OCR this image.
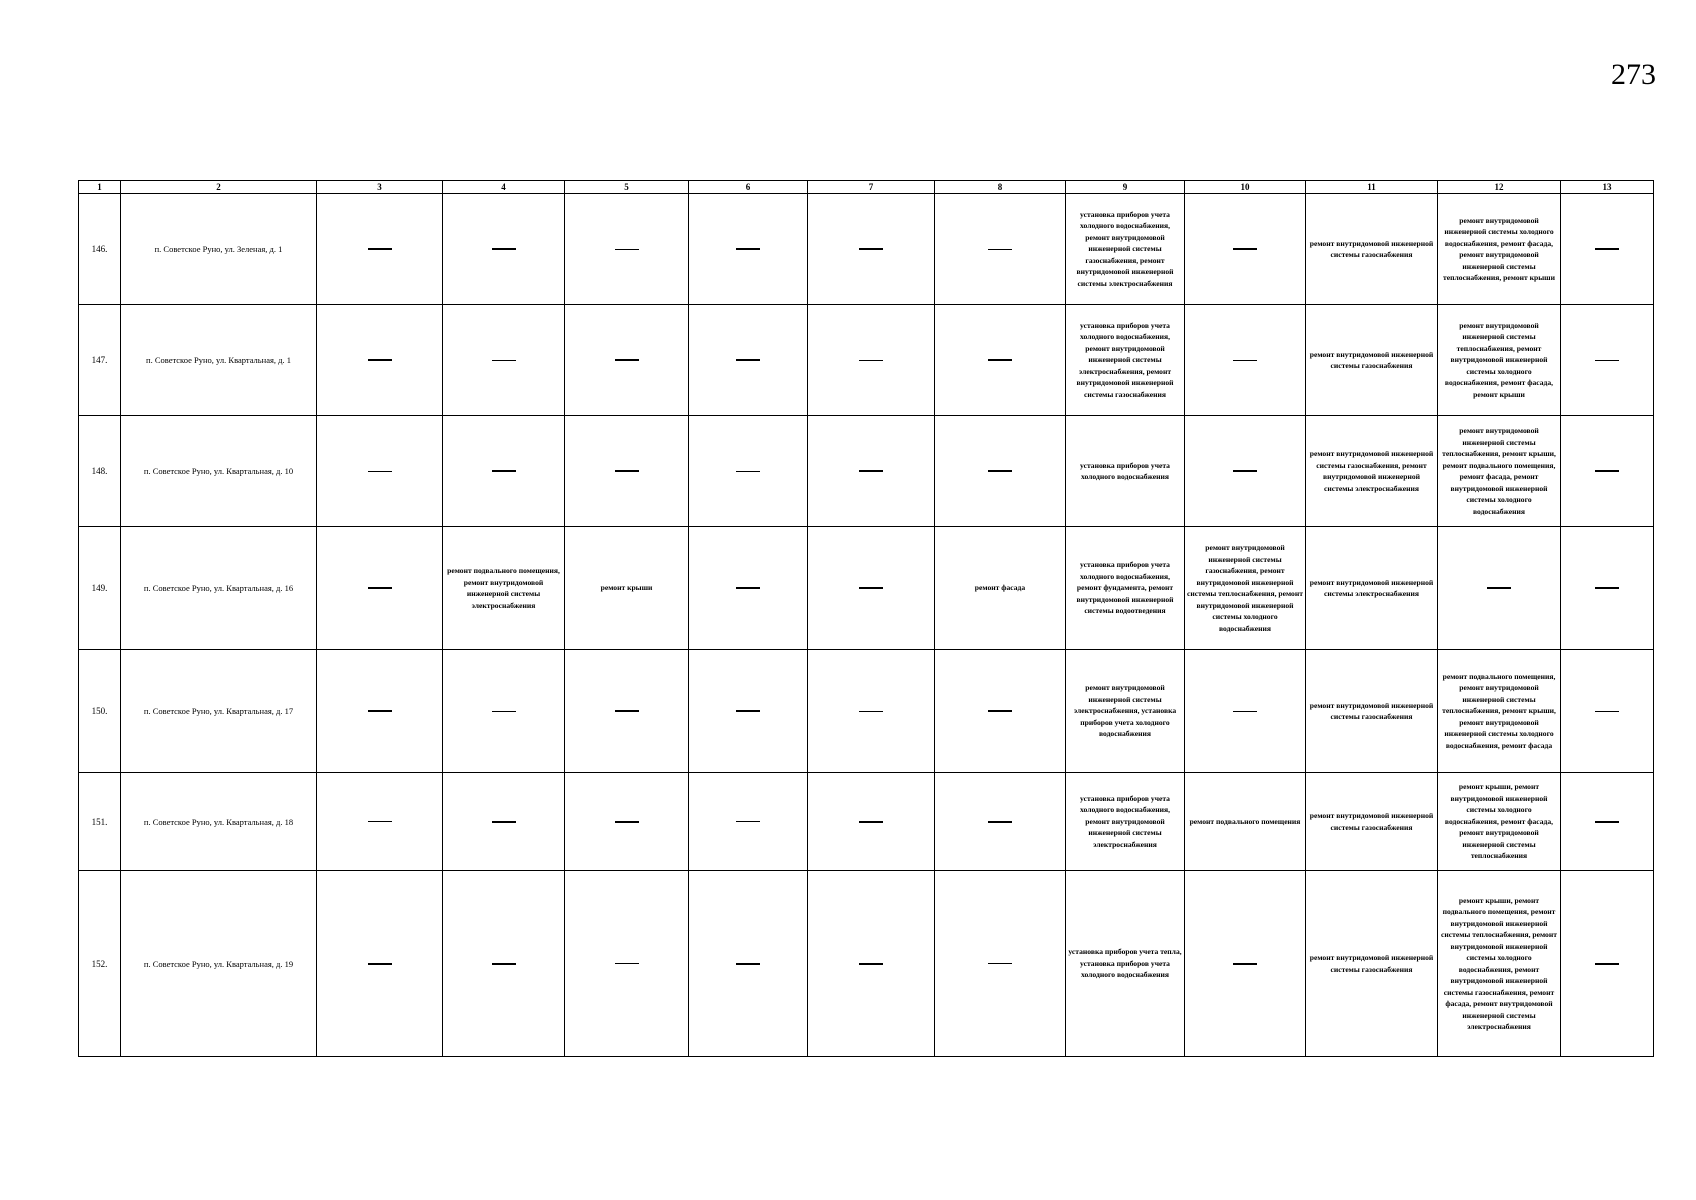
273
1	2	3	4	5	6	7	8	9	10	11	12	13
146.	п. Советское Руно, ул. Зеленая, д. 1							установка приборов учета холодного водоснабжения, ремонт внутридомовой инженерной системы газоснабжения, ремонт внутридомовой инженерной системы электроснабжения		ремонт внутридомовой инженерной системы газоснабжения	ремонт внутридомовой инженерной системы холодного водоснабжения, ремонт фасада, ремонт внутридомовой инженерной системы теплоснабжения, ремонт крыши	
147.	п. Советское Руно, ул. Квартальная, д. 1							установка приборов учета холодного водоснабжения, ремонт внутридомовой инженерной системы электроснабжения, ремонт внутридомовой инженерной системы газоснабжения		ремонт внутридомовой инженерной системы газоснабжения	ремонт внутридомовой инженерной системы теплоснабжения, ремонт внутридомовой инженерной системы холодного водоснабжения, ремонт фасада, ремонт крыши	
148.	п. Советское Руно, ул. Квартальная, д. 10							установка приборов учета холодного водоснабжения		ремонт внутридомовой инженерной системы газоснабжения, ремонт внутридомовой инженерной системы электроснабжения	ремонт внутридомовой инженерной системы теплоснабжения, ремонт крыши, ремонт подвального помещения, ремонт фасада, ремонт внутридомовой инженерной системы холодного водоснабжения	
149.	п. Советское Руно, ул. Квартальная, д. 16		ремонт подвального помещения, ремонт внутридомовой инженерной системы электроснабжения	ремонт крыши			ремонт фасада	установка приборов учета холодного водоснабжения, ремонт фундамента, ремонт внутридомовой инженерной системы водоотведения	ремонт внутридомовой инженерной системы газоснабжения, ремонт внутридомовой инженерной системы теплоснабжения, ремонт внутридомовой инженерной системы холодного водоснабжения	ремонт внутридомовой инженерной системы электроснабжения		
150.	п. Советское Руно, ул. Квартальная, д. 17							ремонт внутридомовой инженерной системы электроснабжения, установка приборов учета холодного водоснабжения		ремонт внутридомовой инженерной системы газоснабжения	ремонт подвального помещения, ремонт внутридомовой инженерной системы теплоснабжения, ремонт крыши, ремонт внутридомовой инженерной системы холодного водоснабжения, ремонт фасада	
151.	п. Советское Руно, ул. Квартальная, д. 18							установка приборов учета холодного водоснабжения, ремонт внутридомовой инженерной системы электроснабжения	ремонт подвального помещения	ремонт внутридомовой инженерной системы газоснабжения	ремонт крыши, ремонт внутридомовой инженерной системы холодного водоснабжения, ремонт фасада, ремонт внутридомовой инженерной системы теплоснабжения	
152.	п. Советское Руно, ул. Квартальная, д. 19							установка приборов учета тепла, установка приборов учета холодного водоснабжения		ремонт внутридомовой инженерной системы газоснабжения	ремонт крыши, ремонт подвального помещения, ремонт внутридомовой инженерной системы теплоснабжения, ремонт внутридомовой инженерной системы холодного водоснабжения, ремонт внутридомовой инженерной системы газоснабжения, ремонт фасада, ремонт внутридомовой инженерной системы электроснабжения	
